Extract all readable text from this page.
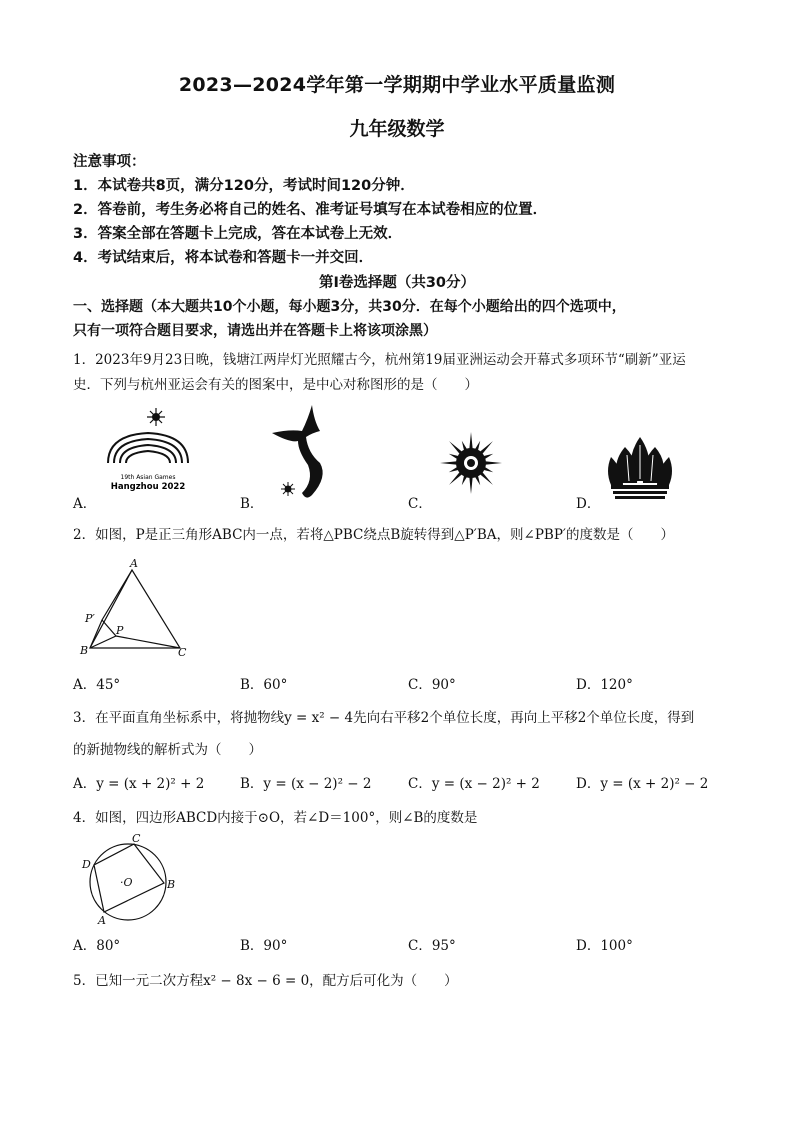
2023—2024学年第一学期期中学业水平质量监测
九年级数学
注意事项：
1．本试卷共8页，满分120分，考试时间120分钟．
2．答卷前，考生务必将自己的姓名、准考证号填写在本试卷相应的位置．
3．答案全部在答题卡上完成，答在本试卷上无效．
4．考试结束后，将本试卷和答题卡一并交回．
第Ⅰ卷选择题（共30分）
一、选择题（本大题共10个小题，每小题3分，共30分．在每个小题给出的四个选项中，
只有一项符合题目要求，请选出并在答题卡上将该项涂黑）
1．2023年9月23日晚，钱塘江两岸灯光照耀古今，杭州第19届亚洲运动会开幕式多项环节“刷新”亚运
史．下列与杭州亚运会有关的图案中，是中心对称图形的是（　　）
19th Asian Games
Hangzhou 2022
A．	B．	C．	D．
2．如图，P是正三角形ABC内一点，若将△PBC绕点B旋转得到△P′BA，则∠PBP′的度数是（　　）
A
B	C
P
P′
A．45°	B．60°	C．90°	D．120°
3．在平面直角坐标系中，将抛物线y = x² − 4先向右平移2个单位长度，再向上平移2个单位长度，得到
的新抛物线的解析式为（　　）
A．y = (x + 2)² + 2	B．y = (x − 2)² − 2	C．y = (x − 2)² + 2	D．y = (x + 2)² − 2
4．如图，四边形ABCD内接于⊙O，若∠D＝100°，则∠B的度数是
C
B
A
D
·O
A．80°	B．90°	C．95°	D．100°
5．已知一元二次方程x² − 8x − 6 = 0，配方后可化为（　　）
